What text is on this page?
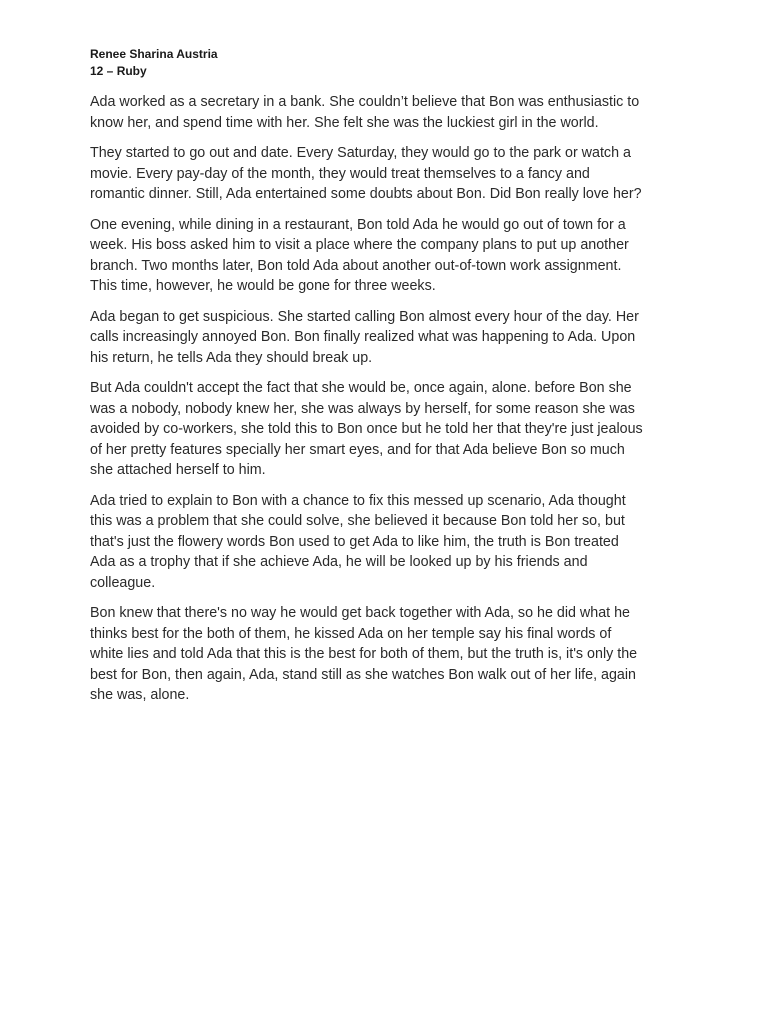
Renee Sharina Austria
12 – Ruby

Ada worked as a secretary in a bank. She couldn’t believe that Bon was enthusiastic to
know her, and spend time with her. She felt she was the luckiest girl in the world.

They started to go out and date. Every Saturday, they would go to the park or watch a
movie. Every pay-day of the month, they would treat themselves to a fancy and
romantic dinner. Still, Ada entertained some doubts about Bon. Did Bon really love her?

One evening, while dining in a restaurant, Bon told Ada he would go out of town for a
week. His boss asked him to visit a place where the company plans to put up another
branch. Two months later, Bon told Ada about another out-of-town work assignment.
This time, however, he would be gone for three weeks.

Ada began to get suspicious. She started calling Bon almost every hour of the day. Her
calls increasingly annoyed Bon. Bon finally realized what was happening to Ada. Upon
his return, he tells Ada they should break up.

But Ada couldn't accept the fact that she would be, once again, alone. before Bon she
was a nobody, nobody knew her, she was always by herself, for some reason she was
avoided by co-workers, she told this to Bon once but he told her that they're just jealous
of her pretty features specially her smart eyes, and for that Ada believe Bon so much
she attached herself to him.

Ada tried to explain to Bon with a chance to fix this messed up scenario, Ada thought
this was a problem that she could solve, she believed it because Bon told her so, but
that's just the flowery words Bon used to get Ada to like him, the truth is Bon treated
Ada as a trophy that if she achieve Ada, he will be looked up by his friends and
colleague.

Bon knew that there's no way he would get back together with Ada, so he did what he
thinks best for the both of them, he kissed Ada on her temple say his final words of
white lies and told Ada that this is the best for both of them, but the truth is, it's only the
best for Bon, then again, Ada, stand still as she watches Bon walk out of her life, again
she was, alone.
